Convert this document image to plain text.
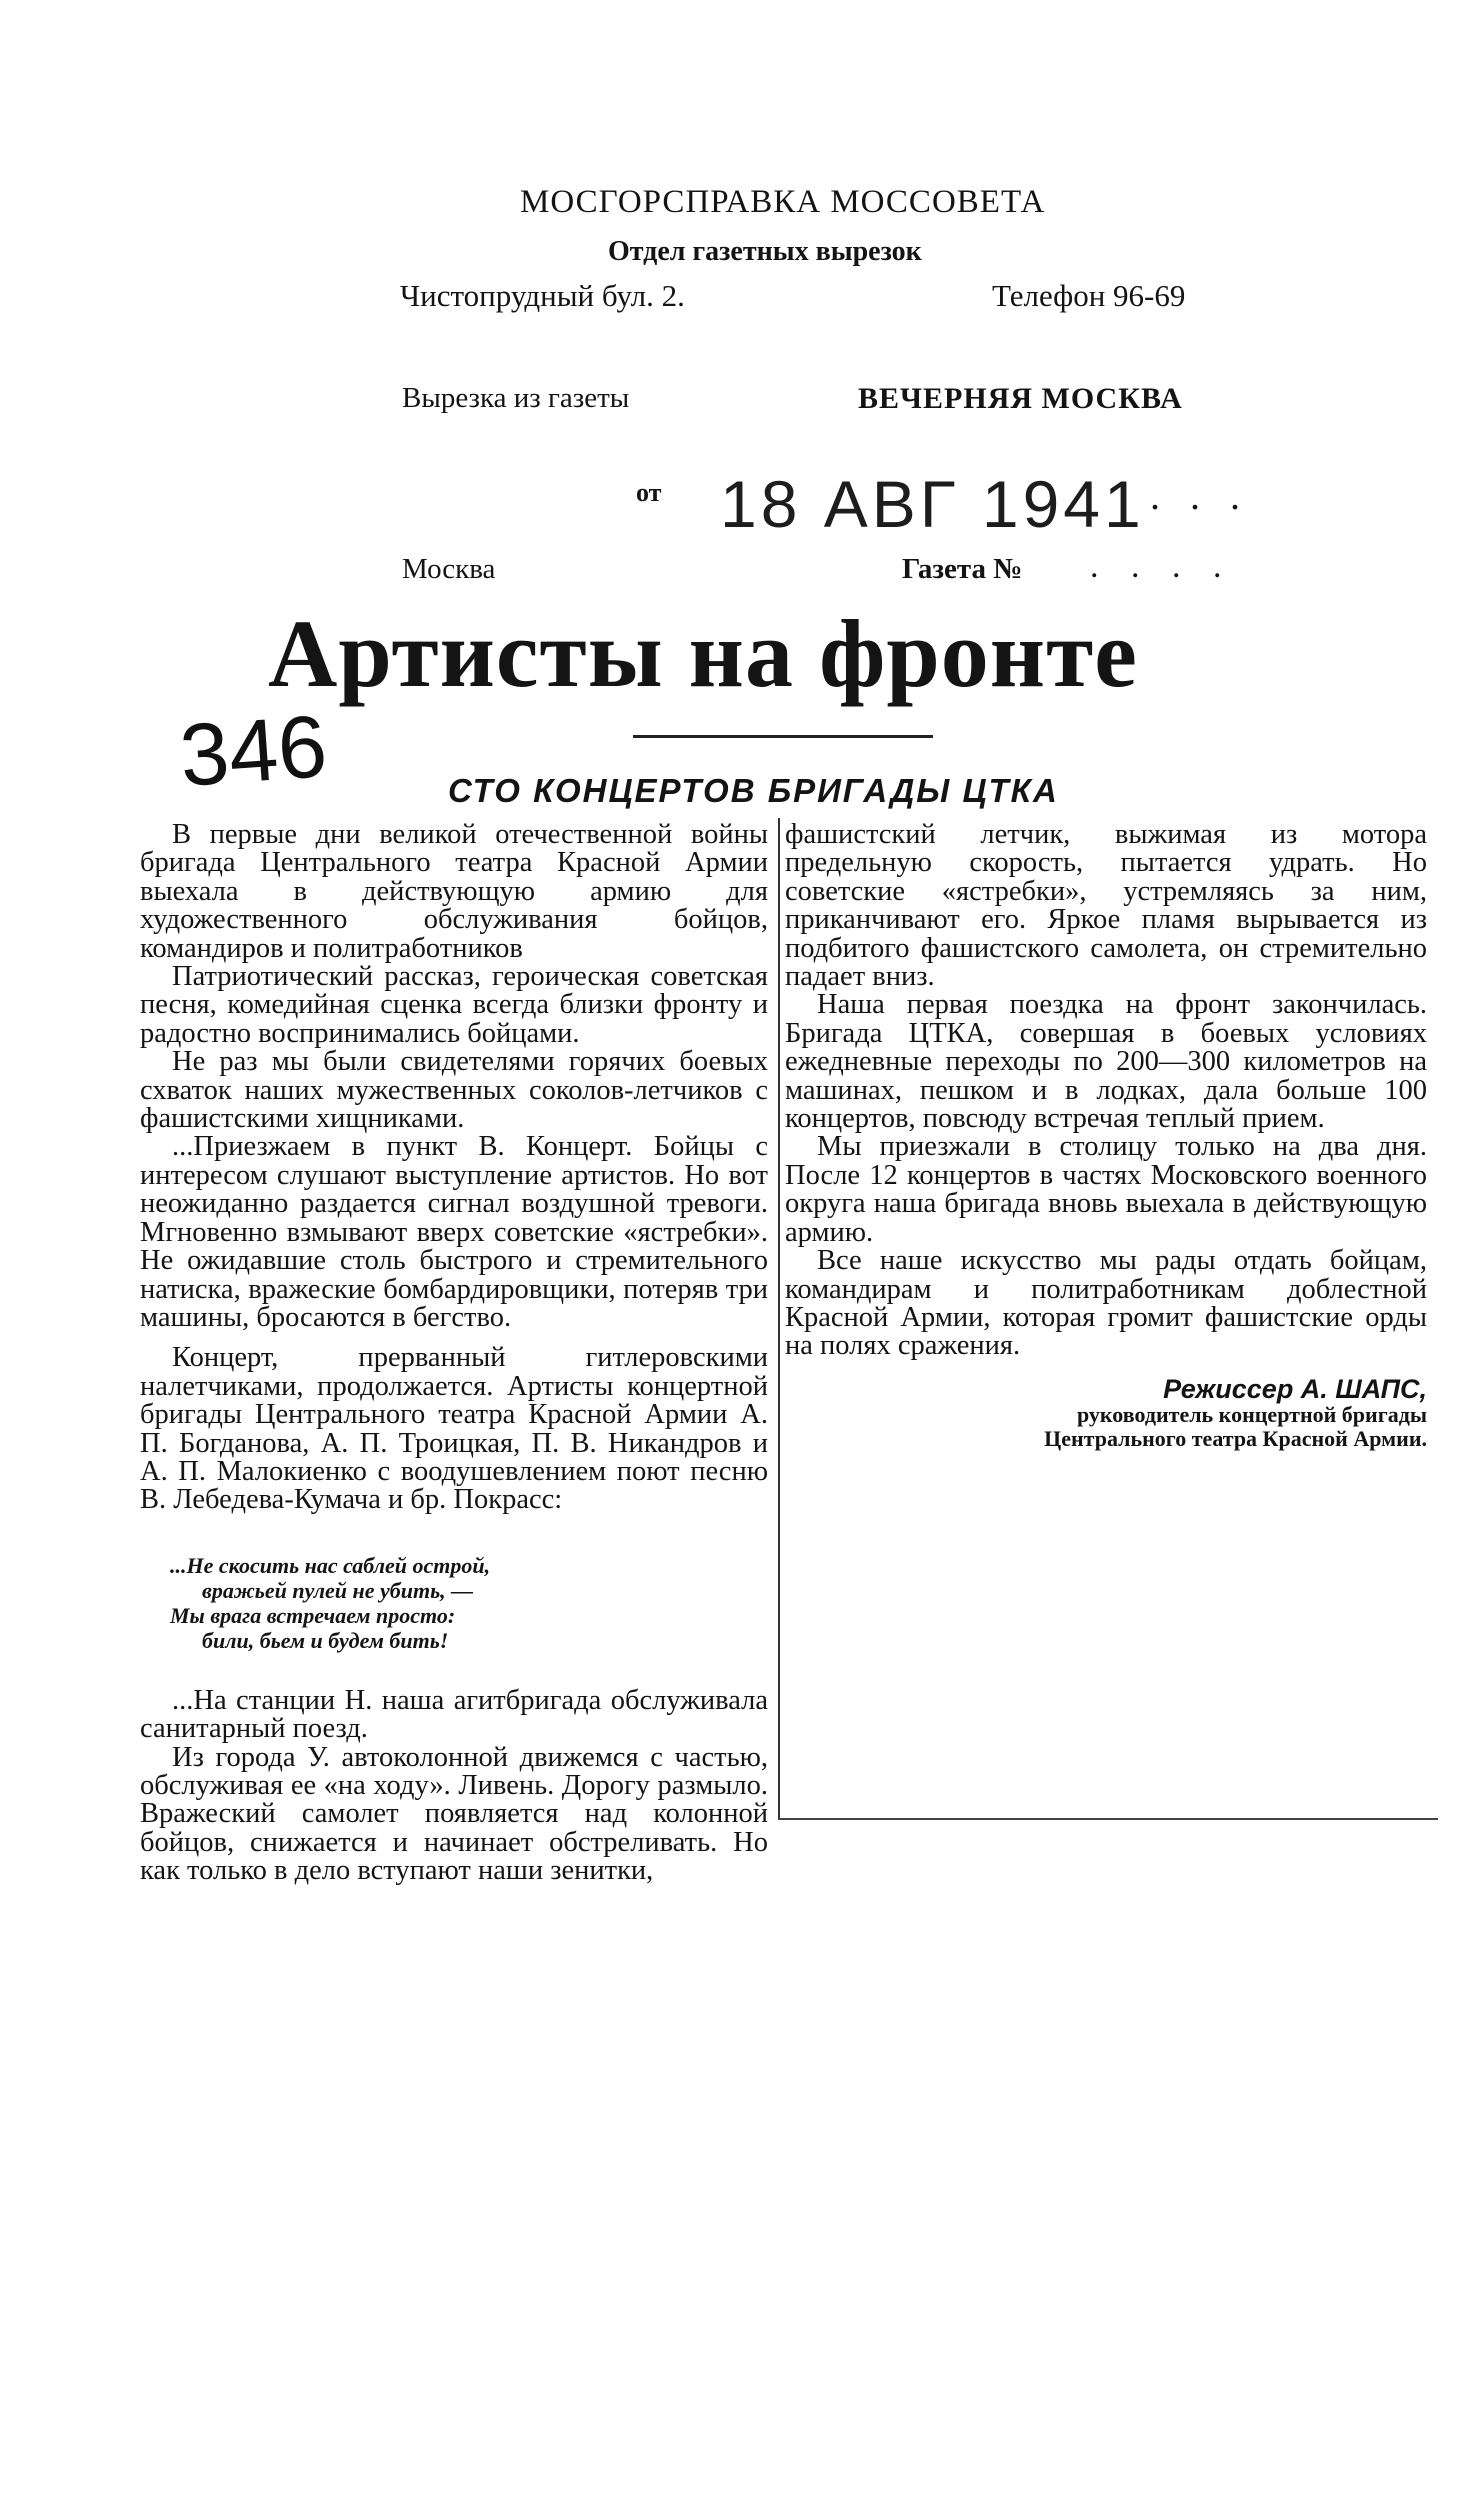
МОСГОРСПРАВКА МОССОВЕТА
Отдел газетных вырезок
Чистопрудный бул. 2.	Телефон 96-69
Вырезка из газеты	ВЕЧЕРНЯЯ МОСКВА
от 18 АВГ 1941 . . .
Москва	Газета № . . . .
Артисты на фронте
346	СТО КОНЦЕРТОВ БРИГАДЫ ЦТКА

В первые дни великой отечественной войны бригада Центрального театра Красной Армии выехала в действующую армию для художественного обслуживания бойцов, командиров и политработников

Патриотический рассказ, героическая советская песня, комедийная сценка всегда близки фронту и радостно воспринимались бойцами.

Не раз мы были свидетелями горячих боевых схваток наших мужественных соколов-летчиков с фашистскими хищниками.

...Приезжаем в пункт В. Концерт. Бойцы с интересом слушают выступление артистов. Но вот неожиданно раздается сигнал воздушной тревоги. Мгновенно взмывают вверх советские «ястребки». Не ожидавшие столь быстрого и стремительного натиска, вражеские бомбардировщики, потеряв три машины, бросаются в бегство.

Концерт, прерванный гитлеровскими налетчиками, продолжается. Артисты концертной бригады Центрального театра Красной Армии А. П. Богданова, А. П. Троицкая, П. В. Никандров и А. П. Малокиенко с воодушевлением поют песню В. Лебедева-Кумача и бр. Покрасс:

...Не скосить нас саблей острой,
вражьей пулей не убить, —
Мы врага встречаем просто:
били, бьем и будем бить!

...На станции Н. наша агитбригада обслуживала санитарный поезд.

Из города У. автоколонной движемся с частью, обслуживая ее «на ходу». Ливень. Дорогу размыло. Вражеский самолет появляется над колонной бойцов, снижается и начинает обстреливать. Но как только в дело вступают наши зенитки,

фашистский летчик, выжимая из мотора предельную скорость, пытается удрать. Но советские «ястребки», устремляясь за ним, приканчивают его. Яркое пламя вырывается из подбитого фашистского самолета, он стремительно падает вниз.

Наша первая поездка на фронт закончилась. Бригада ЦТКА, совершая в боевых условиях ежедневные переходы по 200—300 километров на машинах, пешком и в лодках, дала больше 100 концертов, повсюду встречая теплый прием.

Мы приезжали в столицу только на два дня. После 12 концертов в частях Московского военного округа наша бригада вновь выехала в действующую армию.

Все наше искусство мы рады отдать бойцам, командирам и политработникам доблестной Красной Армии, которая громит фашистские орды на полях сражения.

Режиссер А. ШАПС,

руководитель концертной бригады

Центрального театра Красной Армии.
